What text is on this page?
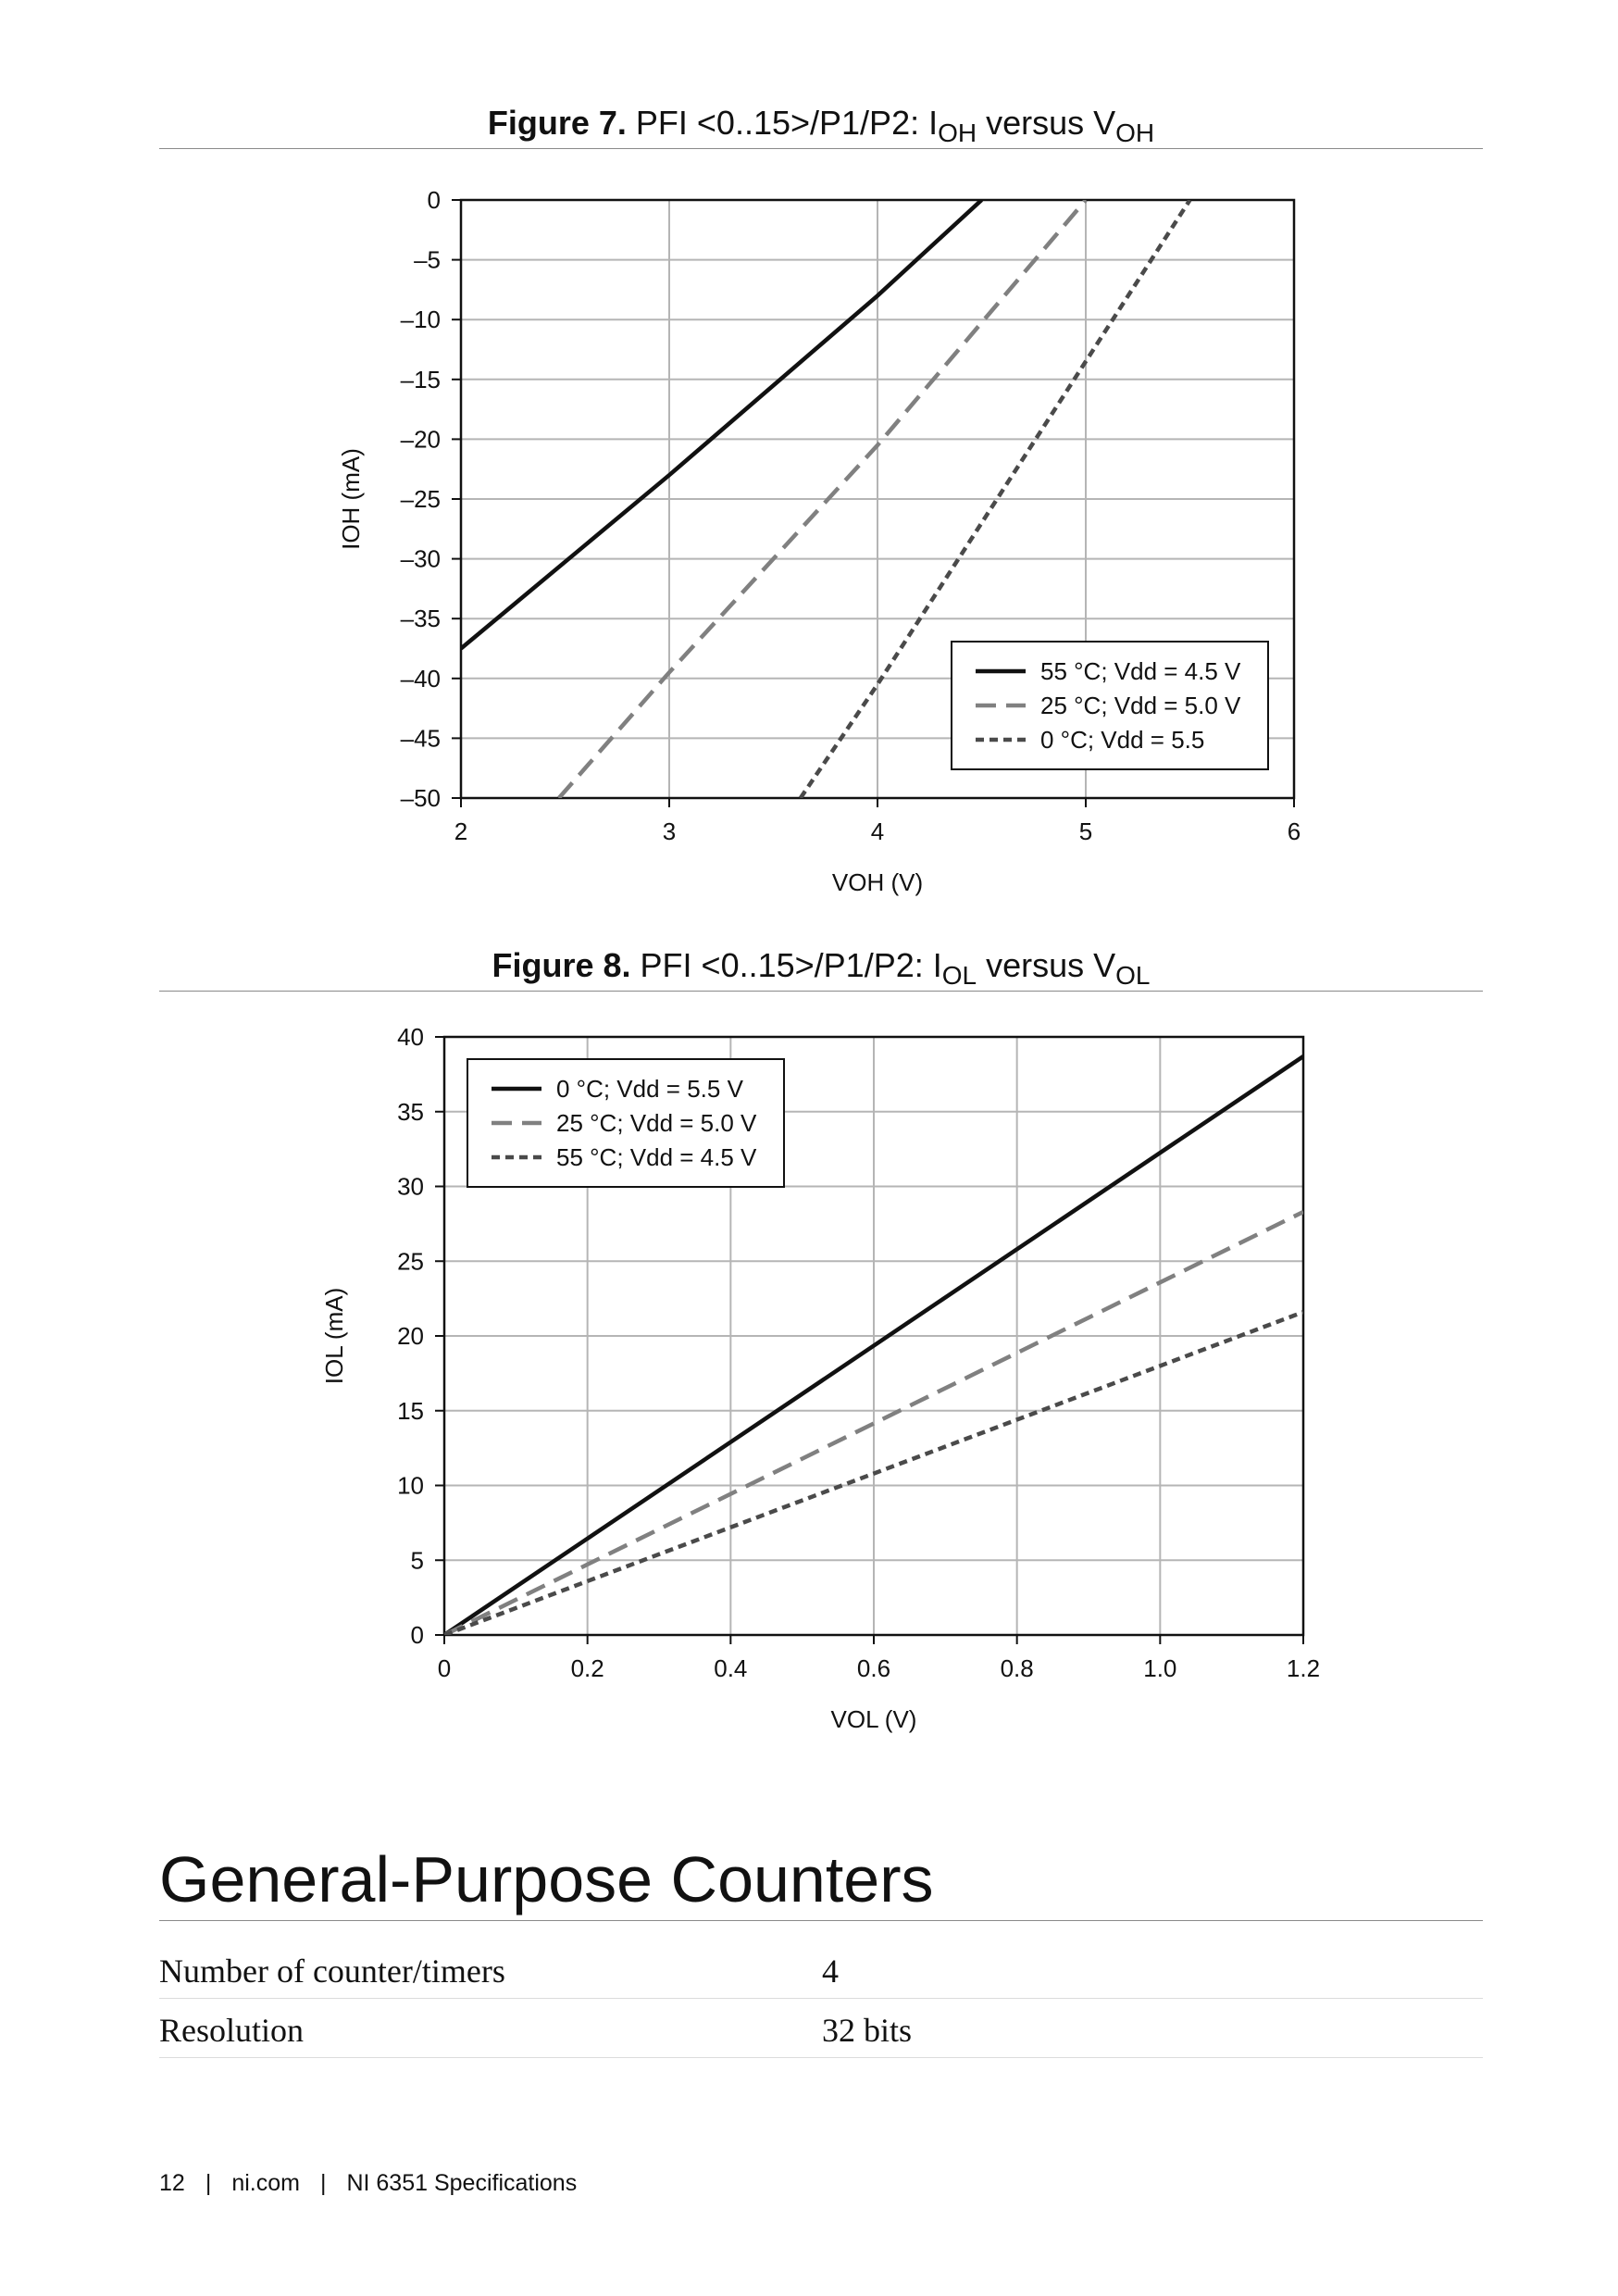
Figure 7. PFI <0..15>/P1/P2: $I_{OH}$ versus $V_{OH}$
2	3	4	5	6
0
–5
–10
–15
–20
–25
–30
–35
–40
–45
–50
VOH (V)
IOH (mA)
55 °C; Vdd = 4.5 V
25 °C; Vdd = 5.0 V
0 °C; Vdd = 5.5
Figure 8. PFI <0..15>/P1/P2: $I_{OL}$ versus $V_{OL}$
0	0.2	0.4	0.6	0.8	1.0	1.2
0
5
10
15
20
25
30
35
40
VOL (V)
IOL (mA)
0 °C; Vdd = 5.5 V
25 °C; Vdd = 5.0 V
55 °C; Vdd = 4.5 V
General-Purpose Counters
Number of counter/timers	4
Resolution	32 bits
12 | ni.com | NI 6351 Specifications
